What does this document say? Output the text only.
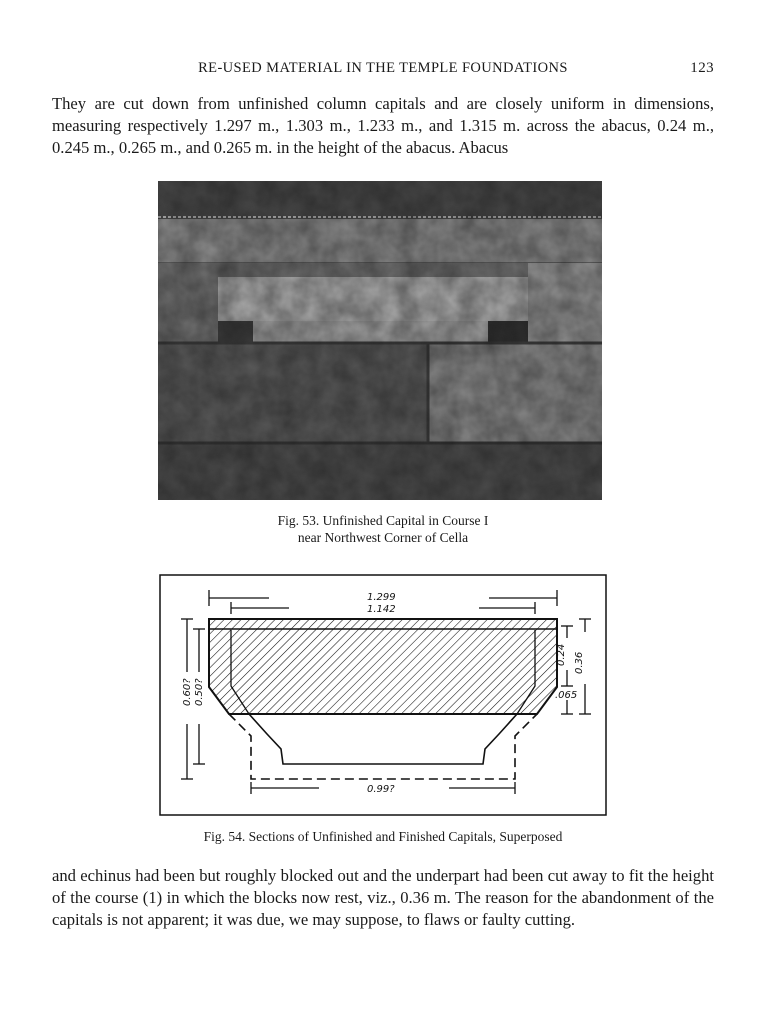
RE-USED MATERIAL IN THE TEMPLE FOUNDATIONS	123

They are cut down from unfinished column capitals and are closely uniform in dimensions, measuring respectively 1.297 m., 1.303 m., 1.233 m., and 1.315 m. across the abacus, 0.24 m., 0.245 m., 0.265 m., and 0.265 m. in the height of the abacus. Abacus

Fig. 53. Unfinished Capital in Course I
near Northwest Corner of Cella
1.299
1.142
0.99?
0.60? 0.50?
0.24 0.36
.065
Fig. 54. Sections of Unfinished and Finished Capitals, Superposed

and echinus had been but roughly blocked out and the underpart had been cut away to fit the height of the course (1) in which the blocks now rest, viz., 0.36 m. The reason for the abandonment of the capitals is not apparent; it was due, we may suppose, to flaws or faulty cutting.
